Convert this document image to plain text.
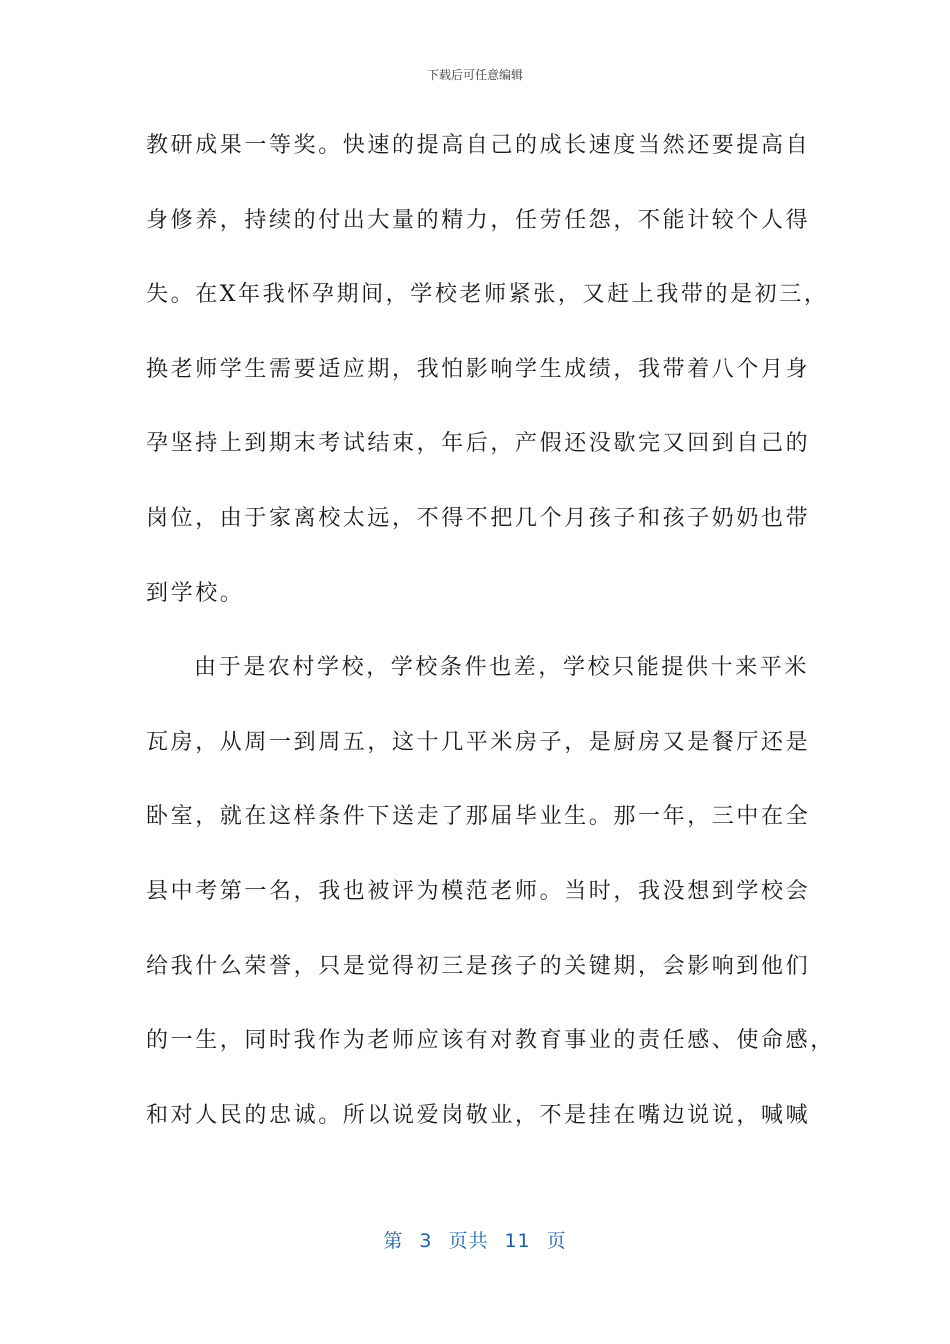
下载后可任意编辑
教研成果一等奖。快速的提高自己的成长速度当然还要提高自
身修养，持续的付出大量的精力，任劳任怨，不能计较个人得
失。在X年我怀孕期间，学校老师紧张，又赶上我带的是初三，
换老师学生需要适应期，我怕影响学生成绩，我带着八个月身
孕坚持上到期末考试结束，年后，产假还没歇完又回到自己的
岗位，由于家离校太远，不得不把几个月孩子和孩子奶奶也带
到学校。
由于是农村学校，学校条件也差，学校只能提供十来平米
瓦房，从周一到周五，这十几平米房子，是厨房又是餐厅还是
卧室，就在这样条件下送走了那届毕业生。那一年，三中在全
县中考第一名，我也被评为模范老师。当时，我没想到学校会
给我什么荣誉，只是觉得初三是孩子的关键期，会影响到他们
的一生，同时我作为老师应该有对教育事业的责任感、使命感，
和对人民的忠诚。所以说爱岗敬业，不是挂在嘴边说说，喊喊
第 3 页共 11 页
